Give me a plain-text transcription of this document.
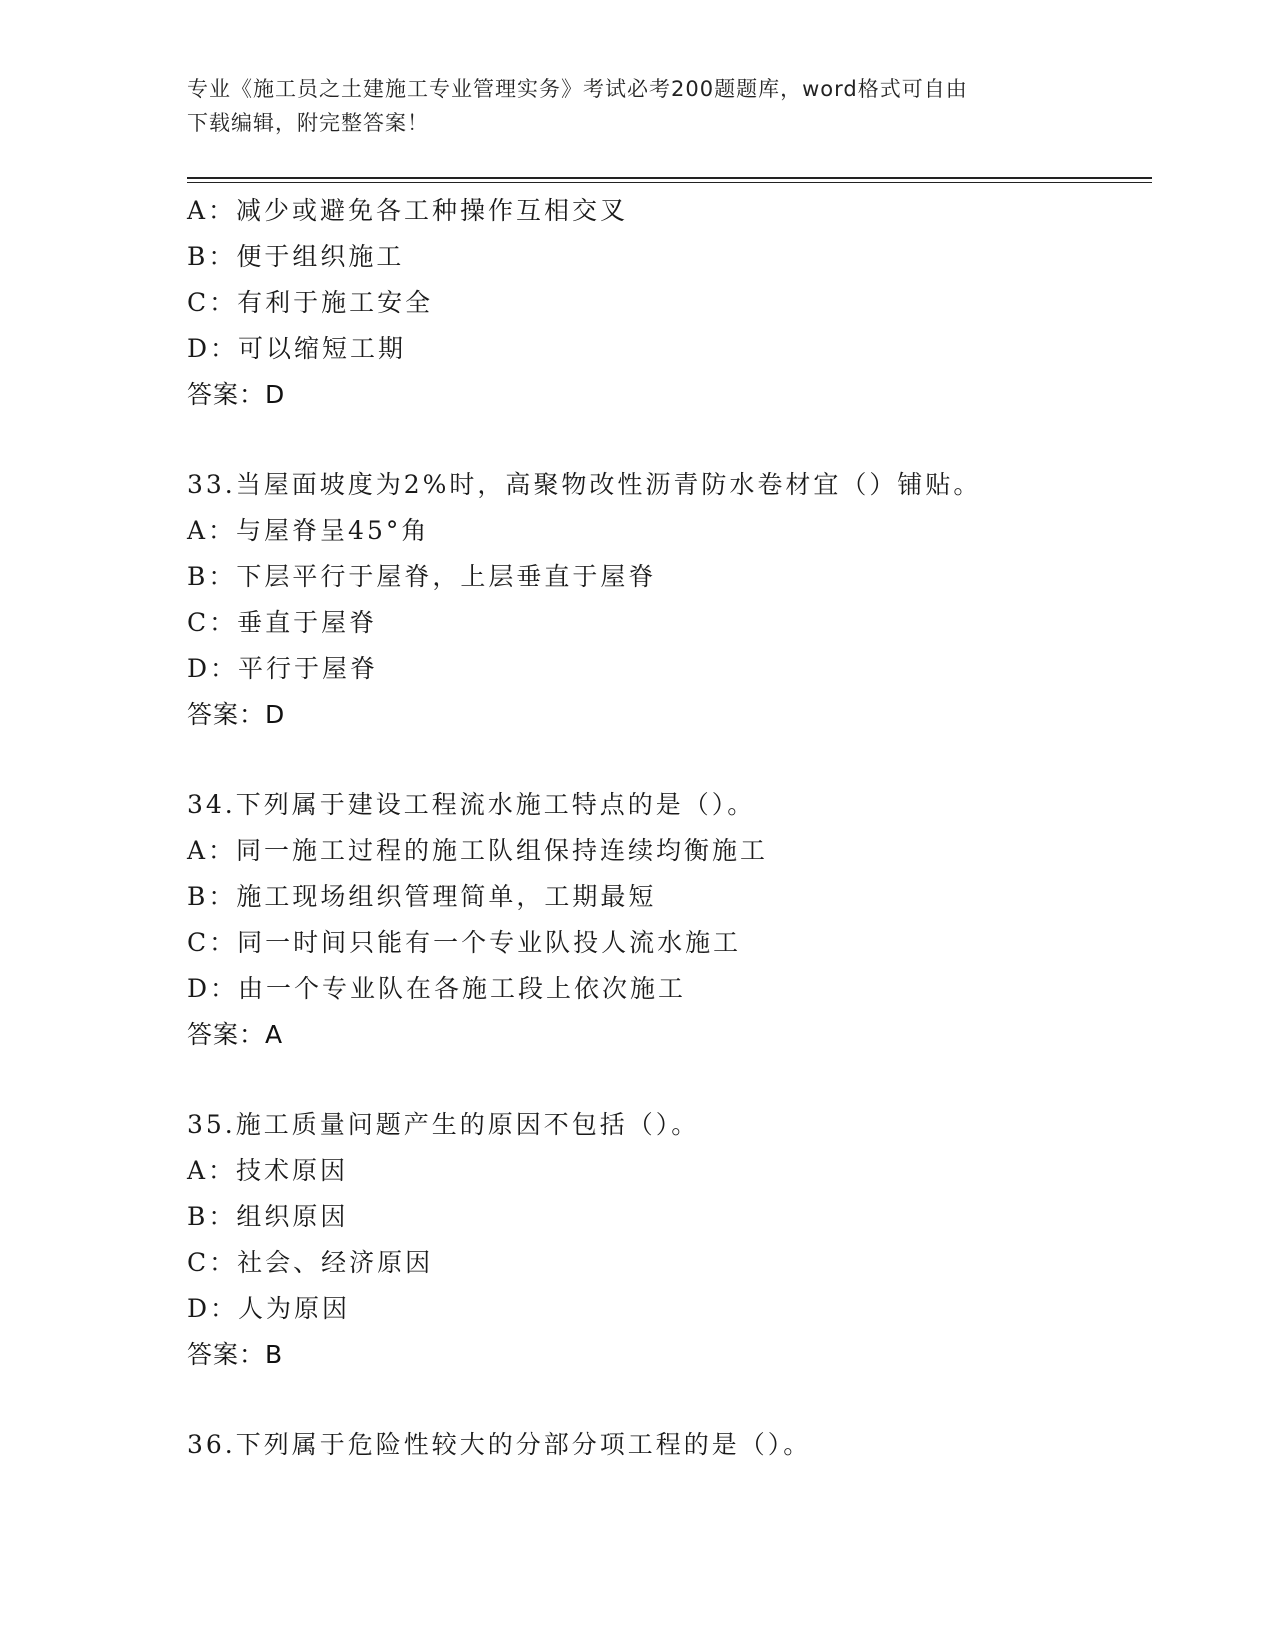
专业《施工员之土建施工专业管理实务》考试必考200题题库，word格式可自由
下载编辑，附完整答案！
A：减少或避免各工种操作互相交叉
B：便于组织施工
C：有利于施工安全
D：可以缩短工期
答案：D
33.当屋面坡度为2%时，高聚物改性沥青防水卷材宜（）铺贴。
A：与屋脊呈45°角
B：下层平行于屋脊，上层垂直于屋脊
C：垂直于屋脊
D：平行于屋脊
答案：D
34.下列属于建设工程流水施工特点的是（）。
A：同一施工过程的施工队组保持连续均衡施工
B：施工现场组织管理简单，工期最短
C：同一时间只能有一个专业队投人流水施工
D：由一个专业队在各施工段上依次施工
答案：A
35.施工质量问题产生的原因不包括（）。
A：技术原因
B：组织原因
C：社会、经济原因
D：人为原因
答案：B
36.下列属于危险性较大的分部分项工程的是（）。
